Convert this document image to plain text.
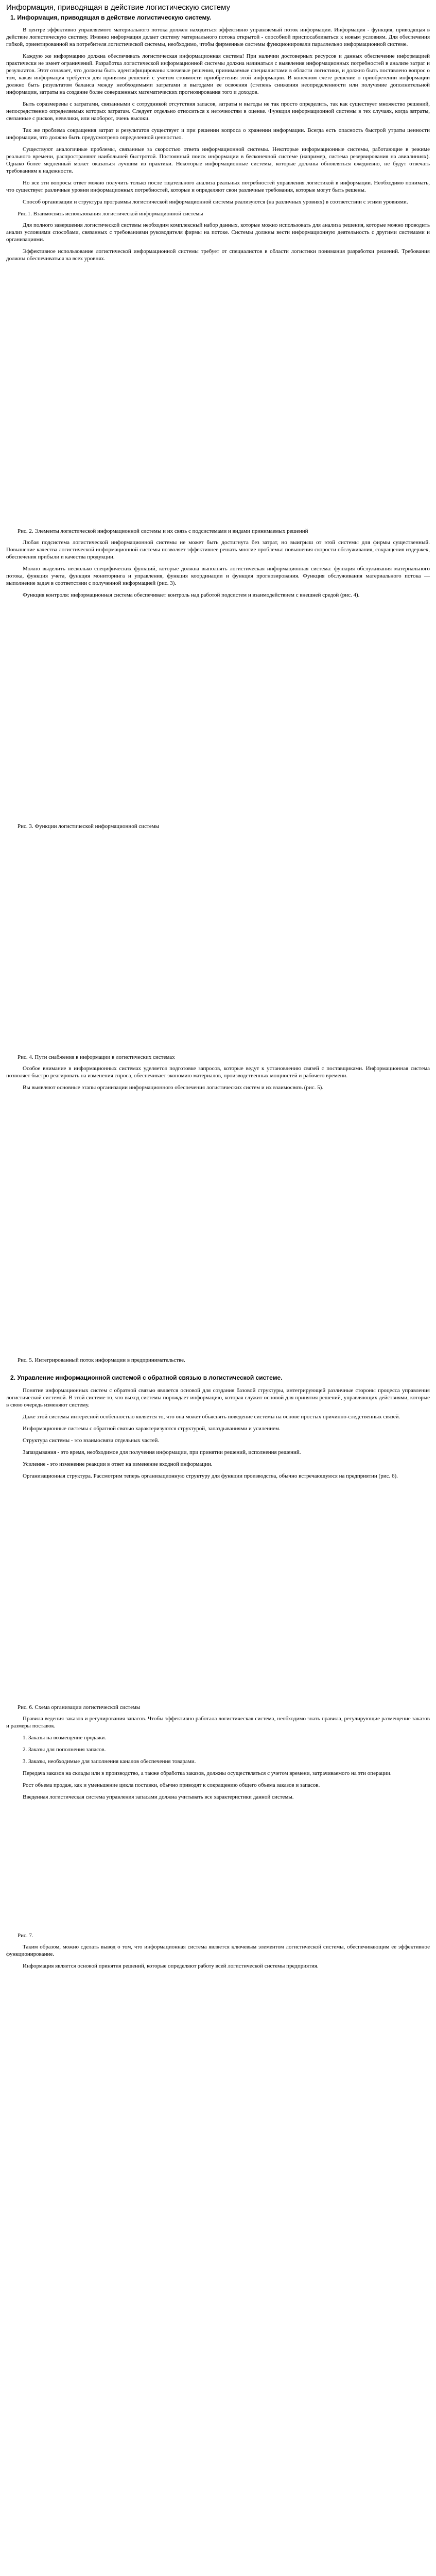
Информация, приводящая в действие логистическую систему
1. Информация, приводящая в действие логистическую систему.

В центре эффективно управляемого материального потока должен находиться эффективно управляемый поток информации. Информация - функция, приводящая в действие логистическую систему. Именно информация делает систему материального потока открытой - способной приспосабливаться к новым условиям. Для обеспечения гибкой, ориентированной на потребителя логистической системы, необходимо, чтобы фирменные системы функционировали параллельно информационной системе.

Каждую же информацию должна обеспечивать логистическая информационная система! При наличии достоверных ресурсов и данных обеспечение информацией практически не имеет ограничений. Разработка логистической информационной системы должна начинаться с выявления информационных потребностей в анализе затрат и результатов. Этот означает, что должны быть идентифицированы ключевые решения, принимаемые специалистами в области логистики, и должно быть поставлено вопрос о том, какая информация требуется для принятия решений с учетом стоимости приобретения этой информации. В конечном счете решение о приобретении информации должно быть результатом баланса между необходимыми затратами и выгодами ее освоения (степень снижения неопределенности или получение дополнительной информации, затраты на создание более совершенных математических прогнозирования того и доходов.

Быть соразмерены с затратами, связанными с сотрудникой отсутствия запасов, затраты и выгоды не так просто определить, так как существует множество решений, непосредственно определяемых которых затратам. Следует отдельно относиться к неточностям в оценке. Функция информационной системы в тех случаях, когда затраты, связанные с рисков, невелики, или наоборот, очень высоки.

Так же проблема сокращения затрат и результатов существует и при решении вопроса о хранении информации. Всегда есть опасность быстрой утраты ценности информации, что должно быть предусмотрено определенной ценностью.

Существуют аналогичные проблемы, связанные за скоростью ответа информационной системы. Некоторые информационные системы, работающие в режиме реального времени, распространяют наибольшей быстротой. Постоянный поиск информации в бесконечной системе (например, система резервирования на авиалиниях). Однако более медленный может оказаться лучшим из практики. Некоторые информационные системы, которые должны обновляться ежедневно, не будут отвечать требованиям к надежности.

Но все эти вопросы ответ можно получить только после тщательного анализа реальных потребностей управления логистикой в информации. Необходимо понимать, что существует различные уровни информационных потребностей, которые и определяют свои различные требования, которые могут быть решены.

Способ организации и структура программы логистической информационной системы реализуются (на различных уровнях) в соответствии с этими уровнями.

Рис.1. Взаимосвязь использования логистической информационной системы

Для полного завершения логистической системы необходим комплексный набор данных, которые можно использовать для анализа решения, которые можно проводить анализ условиями способами, связанных с требованиями руководителя фирмы на потоке. Системы должны вести информационную деятельность с другими системами и организациями.

Эффективное использование логистической информационной системы требует от специалистов в области логистики понимания разработки решений. Требования должны обеспечиваться на всех уровнях.

Рис. 2. Элементы логистической информационной системы и их связь с подсистемами и видами принимаемых решений

Любая подсистема логистической информационной системы не может быть достигнута без затрат, но выигрыш от этой системы для фирмы существенный. Повышение качества логистической информационной системы позволяет эффективнее решать многие проблемы: повышения скорости обслуживания, сокращения издержек, обеспечения прибыли и качества продукции.

Можно выделить несколько специфических функций, которые должна выполнять логистическая информационная система: функция обслуживания материального потока, функция учета, функция мониторинга и управления, функция координации и функция прогнозирования. Функция обслуживания материального потока — выполнение задач в соответствии с полученной информацией (рис. 3).

Функция контроля: информационная система обеспечивает контроль над работой подсистем и взаимодействием с внешней средой (рис. 4).

Рис. 3. Функции логистической информационной системы

Рис. 4. Пути снабжения в информации в логистических системах

Особое внимание в информационных системах уделяется подготовке запросов, которые ведут к установлению связей с поставщиками. Информационная система позволяет быстро реагировать на изменения спроса, обеспечивает экономию материалов, производственных мощностей и рабочего времени.

Вы выявляют основные этапы организации информационного обеспечения логистических систем и их взаимосвязь (рис. 5).

Рис. 5. Интегрированный поток информации в предпринимательстве.

2. Управление информационной системой с обратной связью в логистической системе.

Понятие информационных систем с обратной связью является основой для создания базовой структуры, интегрирующей различные стороны процесса управления логистической системой. В этой системе то, что выход системы порождает информацию, которая служит основой для принятия решений, управляющих действиями, которые в свою очередь изменяют систему.

Даже этой системы интересной особенностью является то, что она может объяснять поведение системы на основе простых причинно-следственных связей.

Информационные системы с обратной связью характеризуются структурой, запаздываниями и усилением.

Структура системы - это взаимосвязи отдельных частей.

Запаздывания - это время, необходимое для получения информации, при принятии решений, исполнения решений.

Усиление - это изменение реакции в ответ на изменение входной информации.

Организационная структура. Рассмотрим теперь организационную структуру для функции производства, обычно встречающуюся на предприятии (рис. 6).

Рис. 6. Схема организации логистической системы

Правила ведения заказов и регулирования запасов. Чтобы эффективно работала логистическая система, необходимо знать правила, регулирующие размещение заказов и размеры поставок.

1. Заказы на возмещение продажи.

2. Заказы для пополнения запасов.

3. Заказы, необходимые для заполнения каналов обеспечения товарами.

Передача заказов на склады или в производство, а также обработка заказов, должны осуществляться с учетом времени, затрачиваемого на эти операции.

Рост объема продаж, как и уменьшение цикла поставки, обычно приводят к сокращению общего объема заказов и запасов.

Введенная логистическая система управления запасами должна учитывать все характеристики данной системы.

Рис. 7.

Таким образом, можно сделать вывод о том, что информационная система является ключевым элементом логистической системы, обеспечивающим ее эффективное функционирование.

Информация является основой принятия решений, которые определяют работу всей логистической системы предприятия.
